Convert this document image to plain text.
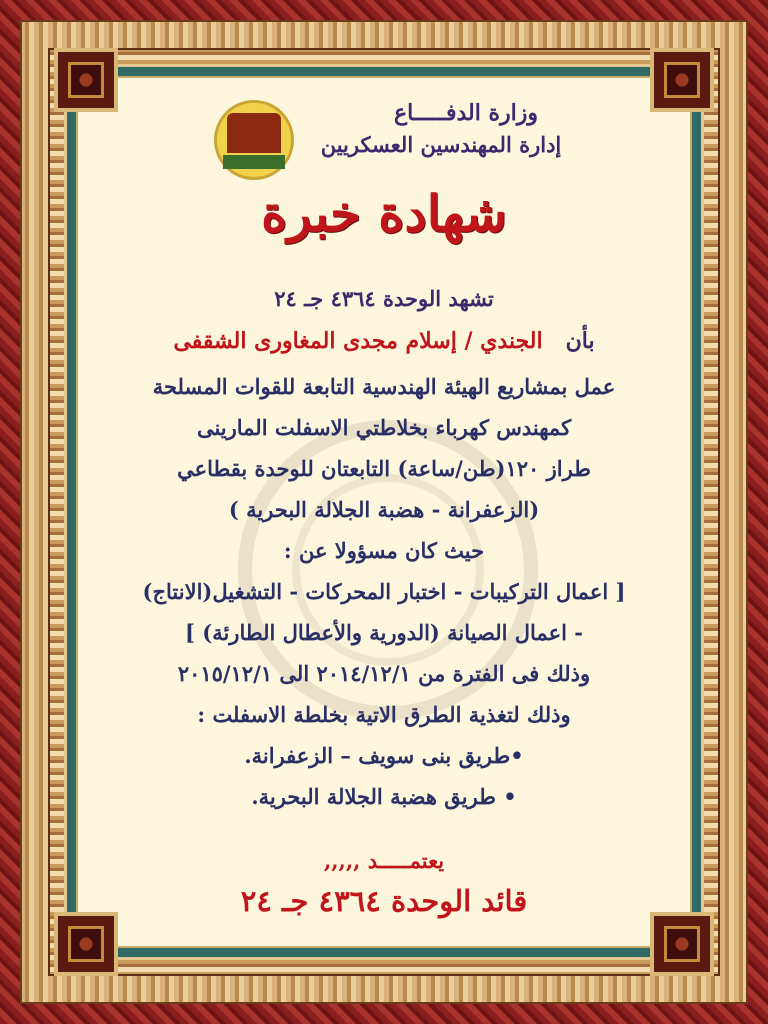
وزارة الدفـــــاع
إدارة المهندسين العسكريين
شهادة خبرة
تشهد الوحدة ٤٣٦٤ جـ ٢٤
بأن   الجندي / إسلام مجدى المغاورى الشقفى
عمل بمشاريع الهيئة الهندسية التابعة للقوات المسلحة
كمهندس كهرباء بخلاطتي الاسفلت المارينى
طراز ١٢٠(طن/ساعة) التابعتان للوحدة بقطاعي
(الزعفرانة - هضبة الجلالة البحرية )
حيث كان مسؤولا عن :
[ اعمال التركيبات - اختبار المحركات - التشغيل(الانتاج)
- اعمال الصيانة (الدورية والأعطال الطارئة) ]
وذلك فى الفترة من ٢٠١٤/١٢/١ الى ٢٠١٥/١٢/١
وذلك لتغذية الطرق الاتية بخلطة الاسفلت :
•طريق بنى سويف – الزعفرانة.
• طريق هضبة الجلالة البحرية.
يعتمـــــد ,,,,,
قائد الوحدة ٤٣٦٤ جـ ٢٤
